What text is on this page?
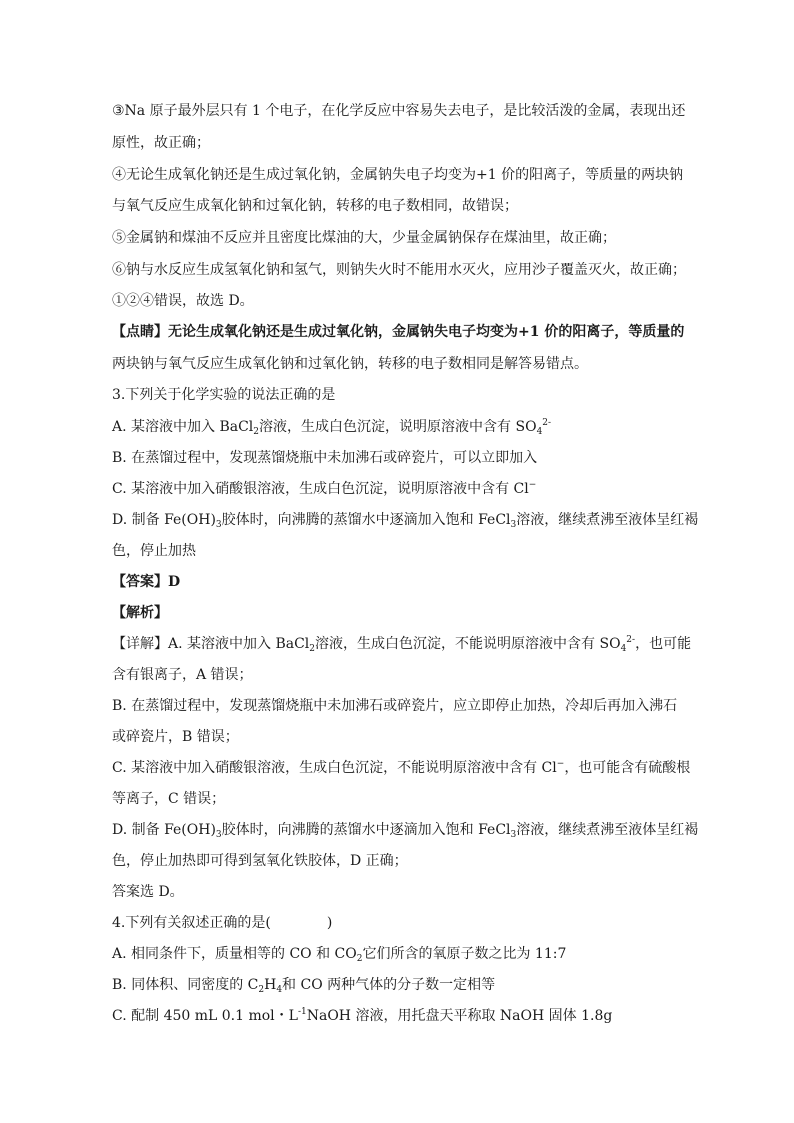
③Na 原子最外层只有 1 个电子，在化学反应中容易失去电子，是比较活泼的金属，表现出还
原性，故正确；
④无论生成氧化钠还是生成过氧化钠，金属钠失电子均变为+1 价的阳离子，等质量的两块钠
与氧气反应生成氧化钠和过氧化钠，转移的电子数相同，故错误；
⑤金属钠和煤油不反应并且密度比煤油的大，少量金属钠保存在煤油里，故正确；
⑥钠与水反应生成氢氧化钠和氢气，则钠失火时不能用水灭火，应用沙子覆盖灭火，故正确；
①②④错误，故选 D。
【点睛】无论生成氧化钠还是生成过氧化钠，金属钠失电子均变为+1 价的阳离子，等质量的
两块钠与氧气反应生成氧化钠和过氧化钠，转移的电子数相同是解答易错点。
3.下列关于化学实验的说法正确的是
A. 某溶液中加入 BaCl$_2$溶液，生成白色沉淀，说明原溶液中含有 $SO_4^{2-}$
B. 在蒸馏过程中，发现蒸馏烧瓶中未加沸石或碎瓷片，可以立即加入
C. 某溶液中加入硝酸银溶液，生成白色沉淀，说明原溶液中含有 Cl−
D. 制备 $Fe(OH)_3$胶体时，向沸腾的蒸馏水中逐滴加入饱和 FeCl$_3$溶液，继续煮沸至液体呈红褐
色，停止加热
【答案】D
【解析】
【详解】A. 某溶液中加入 BaCl$_2$溶液，生成白色沉淀，不能说明原溶液中含有 $SO_4^{2-}$，也可能
含有银离子，A 错误；
B. 在蒸馏过程中，发现蒸馏烧瓶中未加沸石或碎瓷片，应立即停止加热，冷却后再加入沸石
或碎瓷片，B 错误；
C. 某溶液中加入硝酸银溶液，生成白色沉淀，不能说明原溶液中含有 Cl−，也可能含有硫酸根
等离子，C 错误；
D. 制备 $Fe(OH)_3$胶体时，向沸腾的蒸馏水中逐滴加入饱和 FeCl$_3$溶液，继续煮沸至液体呈红褐
色，停止加热即可得到氢氧化铁胶体，D 正确；
答案选 D。
4.下列有关叙述正确的是(　　　　)
A. 相同条件下，质量相等的 CO 和 $CO_2$它们所含的氧原子数之比为 11:7
B. 同体积、同密度的 $C_2H_4$和 CO 两种气体的分子数一定相等
C. 配制 450 mL 0.1 mol・$L^{-1}NaOH$ 溶液，用托盘天平称取 NaOH 固体 1.8g
